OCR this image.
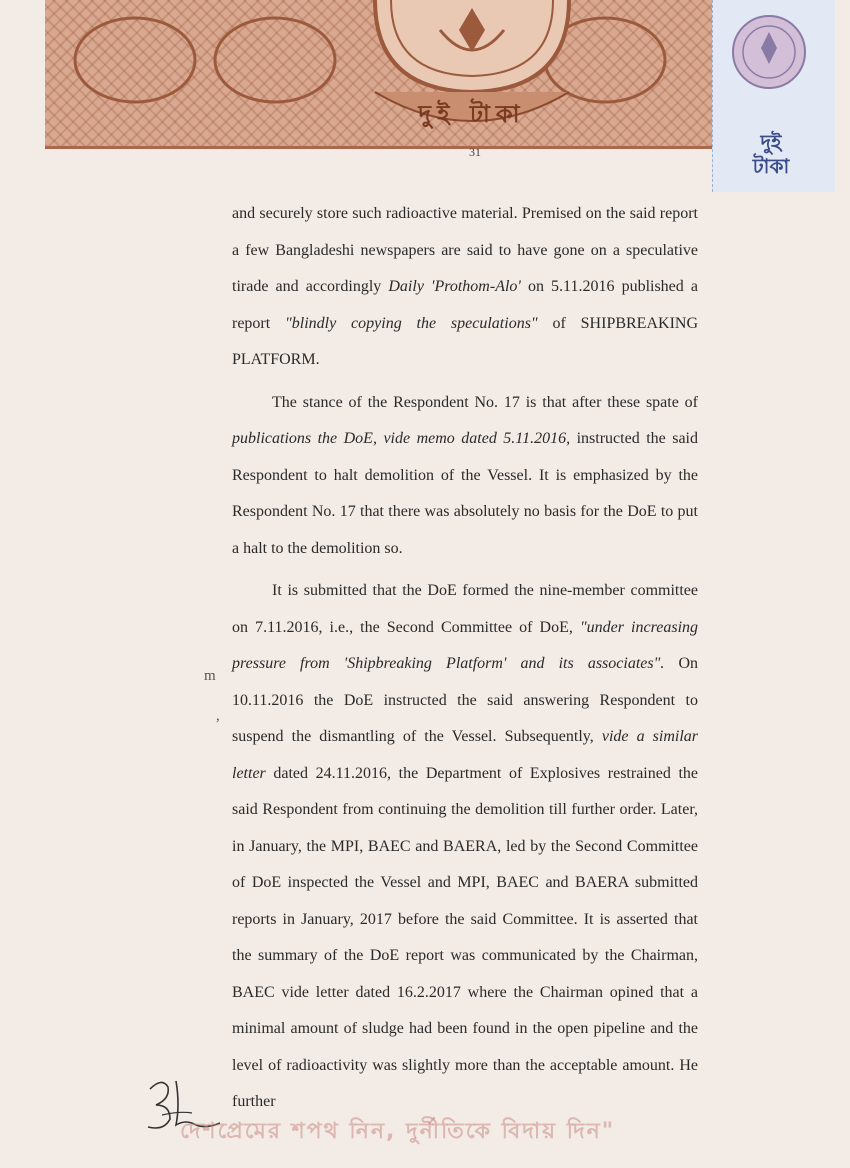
দুই টাকা
দুই টাকা
31

and securely store such radioactive material. Premised on the said report a few Bangladeshi newspapers are said to have gone on a speculative tirade and accordingly Daily 'Prothom-Alo' on 5.11.2016 published a report "blindly copying the speculations" of SHIPBREAKING PLATFORM.

The stance of the Respondent No. 17 is that after these spate of publications the DoE, vide memo dated 5.11.2016, instructed the said Respondent to halt demolition of the Vessel. It is emphasized by the Respondent No. 17 that there was absolutely no basis for the DoE to put a halt to the demolition so.

It is submitted that the DoE formed the nine-member committee on 7.11.2016, i.e., the Second Committee of DoE, "under increasing pressure from 'Shipbreaking Platform' and its associates". On 10.11.2016 the DoE instructed the said answering Respondent to suspend the dismantling of the Vessel. Subsequently, vide a similar letter dated 24.11.2016, the Department of Explosives restrained the said Respondent from continuing the demolition till further order. Later, in January, the MPI, BAEC and BAERA, led by the Second Committee of DoE inspected the Vessel and MPI, BAEC and BAERA submitted reports in January, 2017 before the said Committee. It is asserted that the summary of the DoE report was communicated by the Chairman, BAEC vide letter dated 16.2.2017 where the Chairman opined that a minimal amount of sludge had been found in the open pipeline and the level of radioactivity was slightly more than the acceptable amount. He further

m
,
দেশপ্রেমের শপথ নিন, দুর্নীতিকে বিদায় দিন"
